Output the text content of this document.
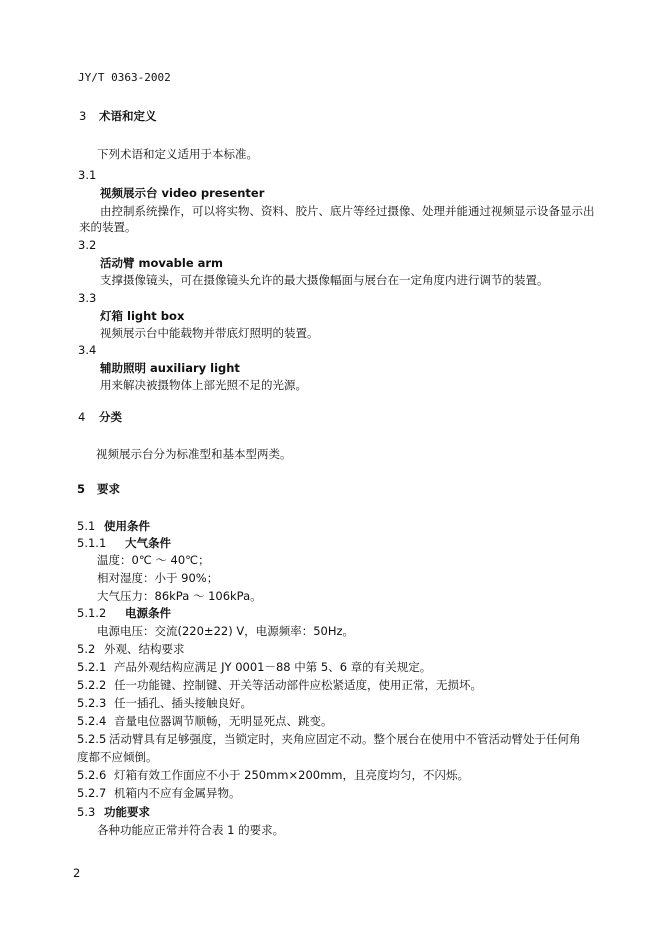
JY/T 0363-2002
3 术语和定义
下列术语和定义适用于本标准。
3.1
视频展示台 video presenter
由控制系统操作，可以将实物、资料、胶片、底片等经过摄像、处理并能通过视频显示设备显示出
来的装置。
3.2
活动臂 movable arm
支撑摄像镜头，可在摄像镜头允许的最大摄像幅面与展台在一定角度内进行调节的装置。
3.3
灯箱 light box
视频展示台中能载物并带底灯照明的装置。
3.4
辅助照明 auxiliary light
用来解决被摄物体上部光照不足的光源。
4 分类
视频展示台分为标准型和基本型两类。
5 要求
5.1 使用条件
5.1.1 大气条件
温度：0℃ ～ 40℃；
相对湿度：小于 90%；
大气压力：86kPa ～ 106kPa。
5.1.2 电源条件
电源电压：交流(220±22) V，电源频率：50Hz。
5.2 外观、结构要求
5.2.1 产品外观结构应满足 JY 0001－88 中第 5、6 章的有关规定。
5.2.2 任一功能键、控制键、开关等活动部件应松紧适度，使用正常，无损坏。
5.2.3 任一插孔、插头接触良好。
5.2.4 音量电位器调节顺畅，无明显死点、跳变。
5.2.5 活动臂具有足够强度，当锁定时，夹角应固定不动。整个展台在使用中不管活动臂处于任何角
度都不应倾倒。
5.2.6 灯箱有效工作面应不小于 250mm×200mm，且亮度均匀，不闪烁。
5.2.7 机箱内不应有金属异物。
5.3 功能要求
各种功能应正常并符合表 1 的要求。
2
